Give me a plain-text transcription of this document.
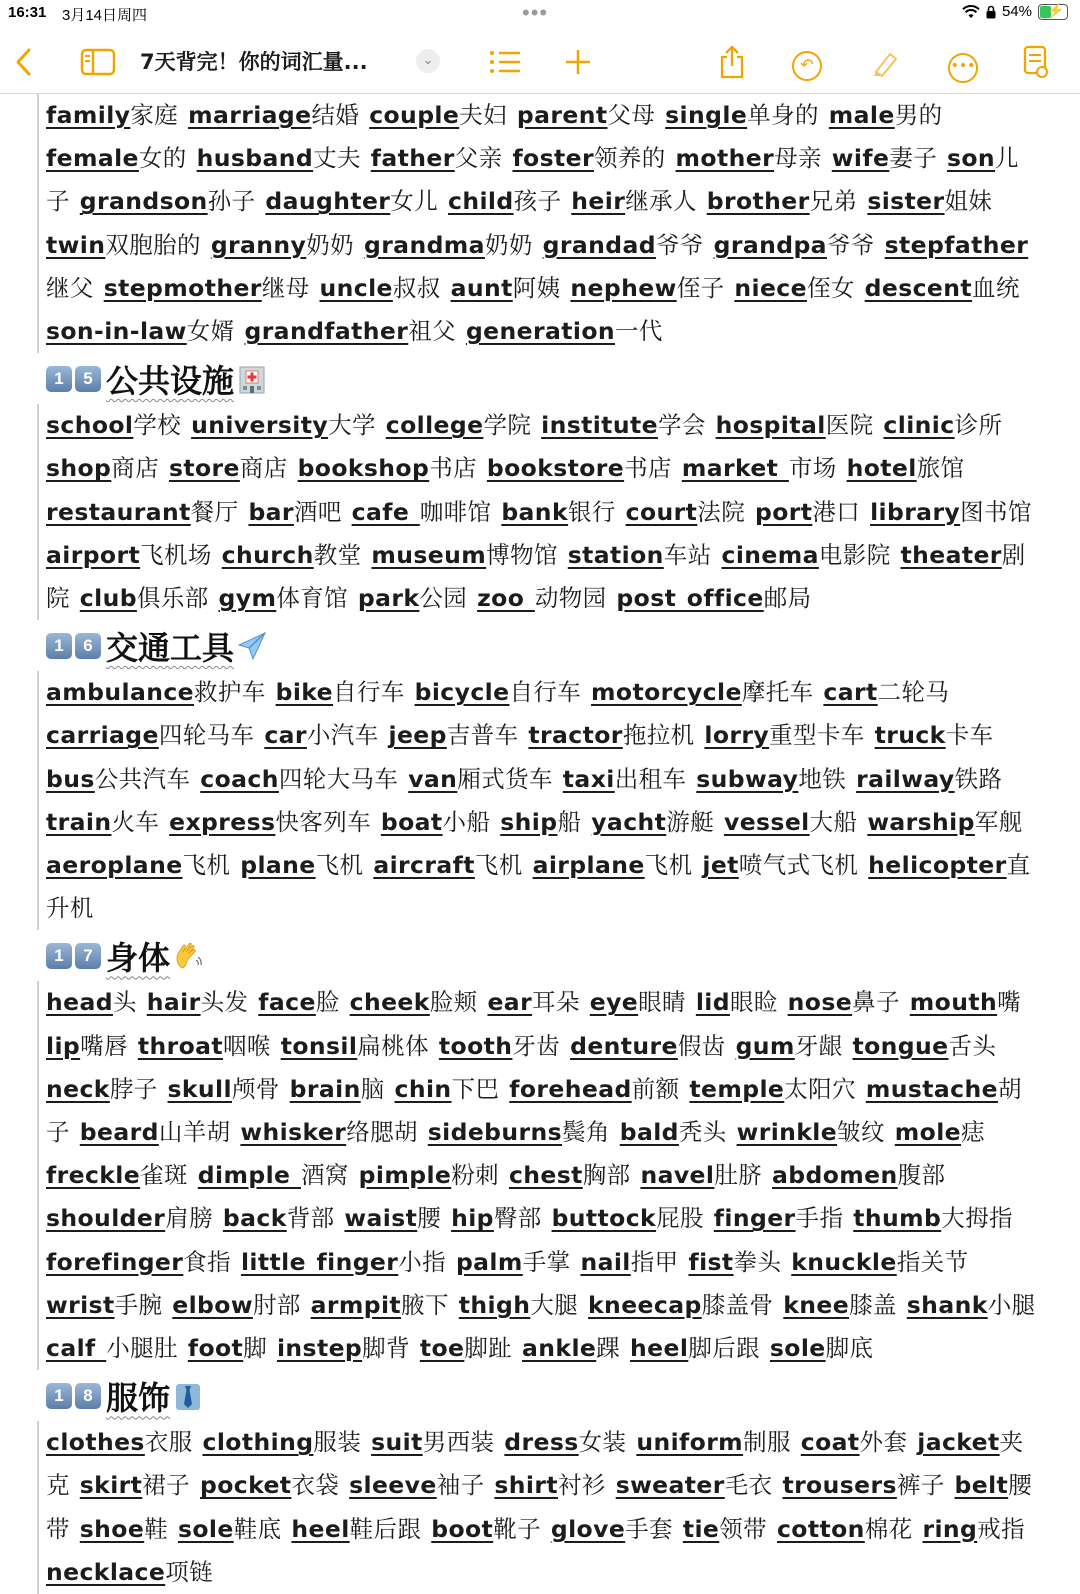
16:31 3月14日周四	•••	54% ⚡
7天背完！你的词汇量...	⌄	↶	•••
family家庭 marriage结婚 couple夫妇 parent父母 single单身的 male男的 female女的 husband丈夫 father父亲 foster领养的 mother母亲 wife妻子 son儿子 grandson孙子 daughter女儿 child孩子 heir继承人 brother兄弟 sister姐妹 twin双胞胎的 granny奶奶 grandma奶奶 grandad爷爷 grandpa爷爷 stepfather继父 stepmother继母 uncle叔叔 aunt阿姨 nephew侄子 niece侄女 descent血统 son-in-law女婿 grandfather祖父 generation一代
1	5 公共设施
school学校 university大学 college学院 institute学会 hospital医院 clinic诊所 shop商店 store商店 bookshop书店 bookstore书店 market 市场 hotel旅馆 restaurant餐厅 bar酒吧 cafe 咖啡馆 bank银行 court法院 port港口 library图书馆 airport飞机场 church教堂 museum博物馆 station车站 cinema电影院 theater剧院 club俱乐部 gym体育馆 park公园 zoo 动物园 post office邮局
1	6 交通工具
ambulance救护车 bike自行车 bicycle自行车 motorcycle摩托车 cart二轮马 carriage四轮马车 car小汽车 jeep吉普车 tractor拖拉机 lorry重型卡车 truck卡车 bus公共汽车 coach四轮大马车 van厢式货车 taxi出租车 subway地铁 railway铁路 train火车 express快客列车 boat小船 ship船 yacht游艇 vessel大船 warship军舰 aeroplane飞机 plane飞机 aircraft飞机 airplane飞机 jet喷气式飞机 helicopter直升机
1	7 身体
head头 hair头发 face脸 cheek脸颊 ear耳朵 eye眼睛 lid眼睑 nose鼻子 mouth嘴 lip嘴唇 throat咽喉 tonsil扁桃体 tooth牙齿 denture假齿 gum牙龈 tongue舌头 neck脖子 skull颅骨 brain脑 chin下巴 forehead前额 temple太阳穴 mustache胡子 beard山羊胡 whisker络腮胡 sideburns鬓角 bald秃头 wrinkle皱纹 mole痣 freckle雀斑 dimple 酒窝 pimple粉刺 chest胸部 navel肚脐 abdomen腹部 shoulder肩膀 back背部 waist腰 hip臀部 buttock屁股 finger手指 thumb大拇指 forefinger食指 little finger小指 palm手掌 nail指甲 fist拳头 knuckle指关节 wrist手腕 elbow肘部 armpit腋下 thigh大腿 kneecap膝盖骨 knee膝盖 shank小腿 calf 小腿肚 foot脚 instep脚背 toe脚趾 ankle踝 heel脚后跟 sole脚底
1	8 服饰
clothes衣服 clothing服装 suit男西装 dress女装 uniform制服 coat外套 jacket夹克 skirt裙子 pocket衣袋 sleeve袖子 shirt衬衫 sweater毛衣 trousers裤子 belt腰带 shoe鞋 sole鞋底 heel鞋后跟 boot靴子 glove手套 tie领带 cotton棉花 ring戒指 necklace项链
